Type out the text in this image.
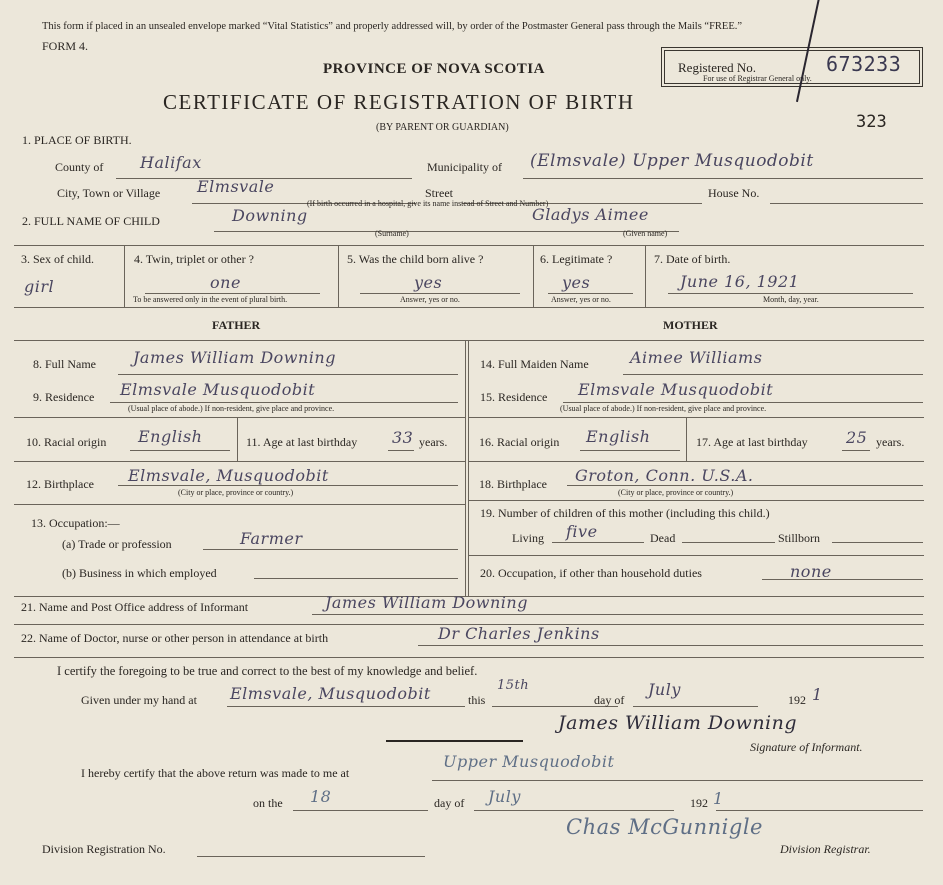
This form if placed in an unsealed envelope marked “Vital Statistics” and properly addressed will, by order of the Postmaster General pass through the Mails “FREE.”
FORM 4.
PROVINCE OF NOVA SCOTIA
CERTIFICATE OF REGISTRATION OF BIRTH
(BY PARENT OR GUARDIAN)
Registered No.	673233
For use of Registrar General only.
323
1. PLACE OF BIRTH.
County of Halifax	Municipality of (Elmsvale) Upper Musquodobit
City, Town or Village Elmsvale	Street	House No.
(If birth occurred in a hospital, give its name instead of Street and Number)
2. FULL NAME OF CHILD	Downing	Gladys Aimee
(Surname)	(Given name)
3. Sex of child.
girl
4. Twin, triplet or other ?
one
To be answered only in the event of plural birth.
5. Was the child born alive ?
yes
Answer, yes or no.
6. Legitimate ?
yes
Answer, yes or no.
7. Date of birth.
June 16, 1921
Month, day, year.
FATHER	MOTHER
8. Full Name James William Downing
9. Residence Elmsvale Musquodobit
(Usual place of abode.) If non-resident, give place and province.
10. Racial origin English	11. Age at last birthday 33 years.
12. Birthplace Elmsvale, Musquodobit
(City or place, province or country.)
13. Occupation:—
(a) Trade or profession	Farmer
(b) Business in which employed
14. Full Maiden Name	Aimee Williams
15. Residence Elmsvale Musquodobit
(Usual place of abode.) If non-resident, give place and province.
16. Racial origin English	17. Age at last birthday 25 years.
18. Birthplace Groton, Conn. U.S.A.
(City or place, province or country.)
19. Number of children of this mother (including this child.)
Living five	Dead	Stillborn
20. Occupation, if other than household duties	none
21. Name and Post Office address of Informant	James William Downing
22. Name of Doctor, nurse or other person in attendance at birth	Dr Charles Jenkins
I certify the foregoing to be true and correct to the best of my knowledge and belief.
Given under my hand at Elmsvale, Musquodobit	this
15th
day of
July
192 1
James William Downing
Signature of Informant.
I hereby certify that the above return was made to me at
Upper Musquodobit
on the 18	day of July	192 1
Chas McGunnigle
Division Registration No.	Division Registrar.
